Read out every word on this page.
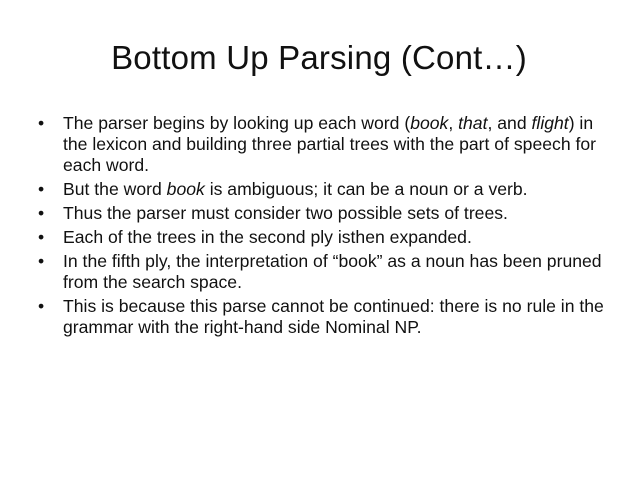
Bottom Up Parsing (Cont…)
•	The parser begins by looking up each word (book, that, and flight) in the lexicon and building three partial trees with the part of speech for each word.
•	But the word book is ambiguous; it can be a noun or a verb.
•	Thus the parser must consider two possible sets of trees.
•	Each of the trees in the second ply isthen expanded.
•	In the fifth ply, the interpretation of “book” as a noun has been pruned from the search space.
•	This is because this parse cannot be continued: there is no rule in the grammar with the right-hand side Nominal NP.
